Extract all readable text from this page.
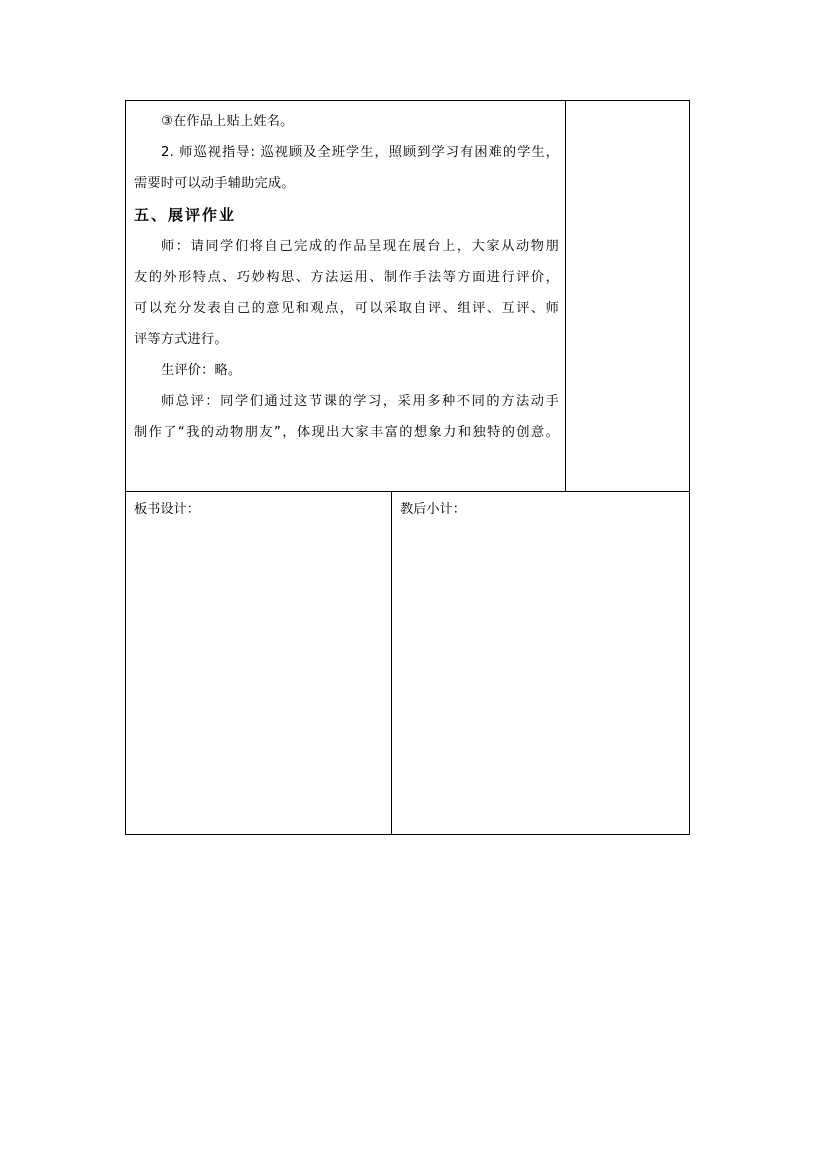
③在作品上贴上姓名。
2. 师巡视指导: 巡视顾及全班学生，照顾到学习有困难的学生，
需要时可以动手辅助完成。
五、展评作业
师：请同学们将自己完成的作品呈现在展台上，大家从动物朋
友的外形特点、巧妙构思、方法运用、制作手法等方面进行评价，
可以充分发表自己的意见和观点，可以采取自评、组评、互评、师
评等方式进行。
生评价：略。
师总评：同学们通过这节课的学习，采用多种不同的方法动手
制作了“我的动物朋友”，体现出大家丰富的想象力和独特的创意。
板书设计：	教后小计：
